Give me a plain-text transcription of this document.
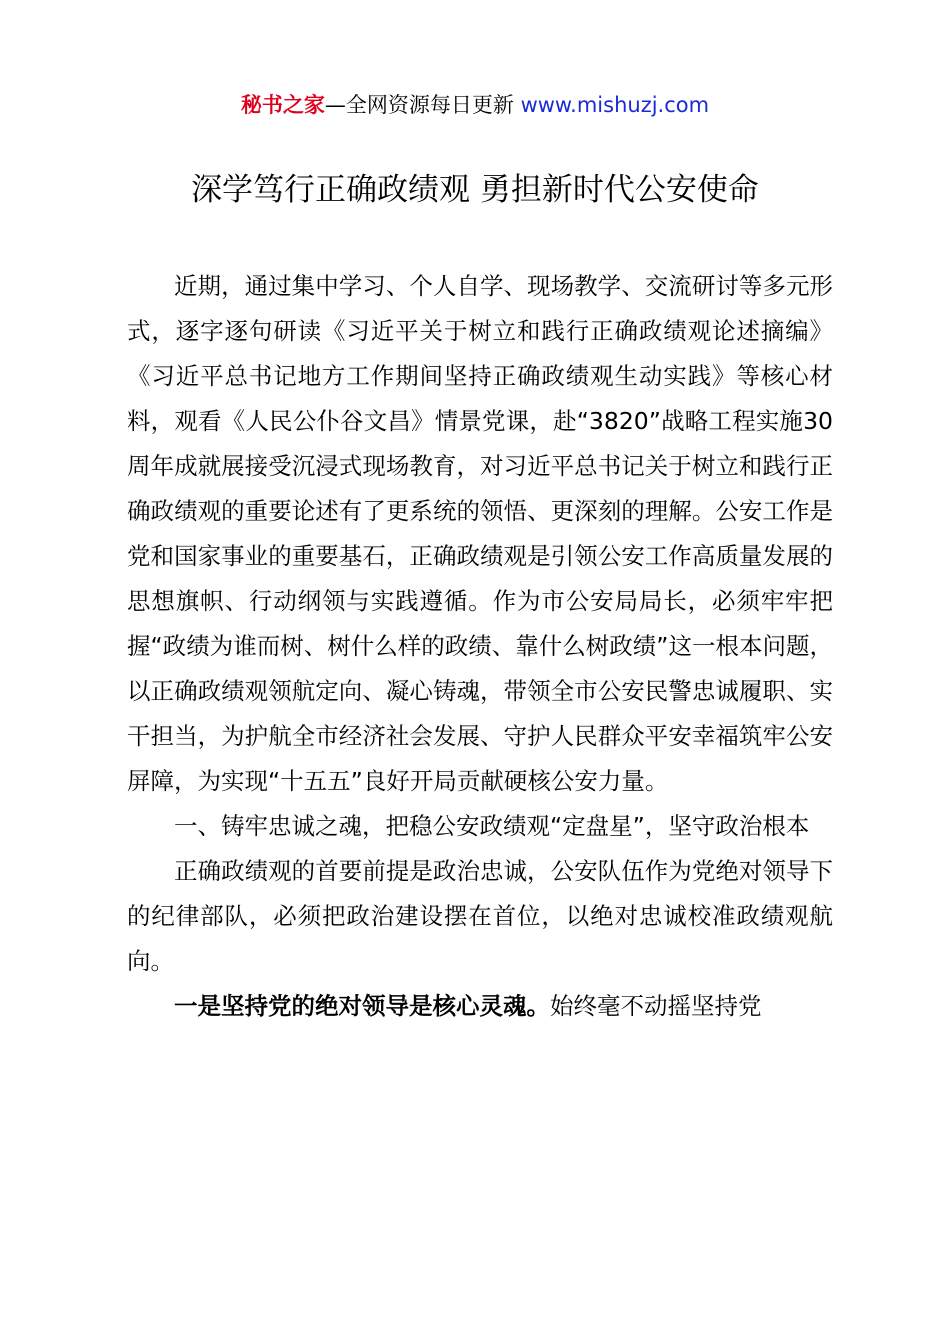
秘书之家—全网资源每日更新 www.mishuzj.com
深学笃行正确政绩观 勇担新时代公安使命

近期，通过集中学习、个人自学、现场教学、交流研讨等多元形式，逐字逐句研读《习近平关于树立和践行正确政绩观论述摘编》《习近平总书记地方工作期间坚持正确政绩观生动实践》等核心材料，观看《人民公仆谷文昌》情景党课，赴“3820”战略工程实施30周年成就展接受沉浸式现场教育，对习近平总书记关于树立和践行正确政绩观的重要论述有了更系统的领悟、更深刻的理解。公安工作是党和国家事业的重要基石，正确政绩观是引领公安工作高质量发展的思想旗帜、行动纲领与实践遵循。作为市公安局局长，必须牢牢把握“政绩为谁而树、树什么样的政绩、靠什么树政绩”这一根本问题，以正确政绩观领航定向、凝心铸魂，带领全市公安民警忠诚履职、实干担当，为护航全市经济社会发展、守护人民群众平安幸福筑牢公安屏障，为实现“十五五”良好开局贡献硬核公安力量。

一、铸牢忠诚之魂，把稳公安政绩观“定盘星”，坚守政治根本

正确政绩观的首要前提是政治忠诚，公安队伍作为党绝对领导下的纪律部队，必须把政治建设摆在首位，以绝对忠诚校准政绩观航向。

一是坚持党的绝对领导是核心灵魂。始终毫不动摇坚持党
